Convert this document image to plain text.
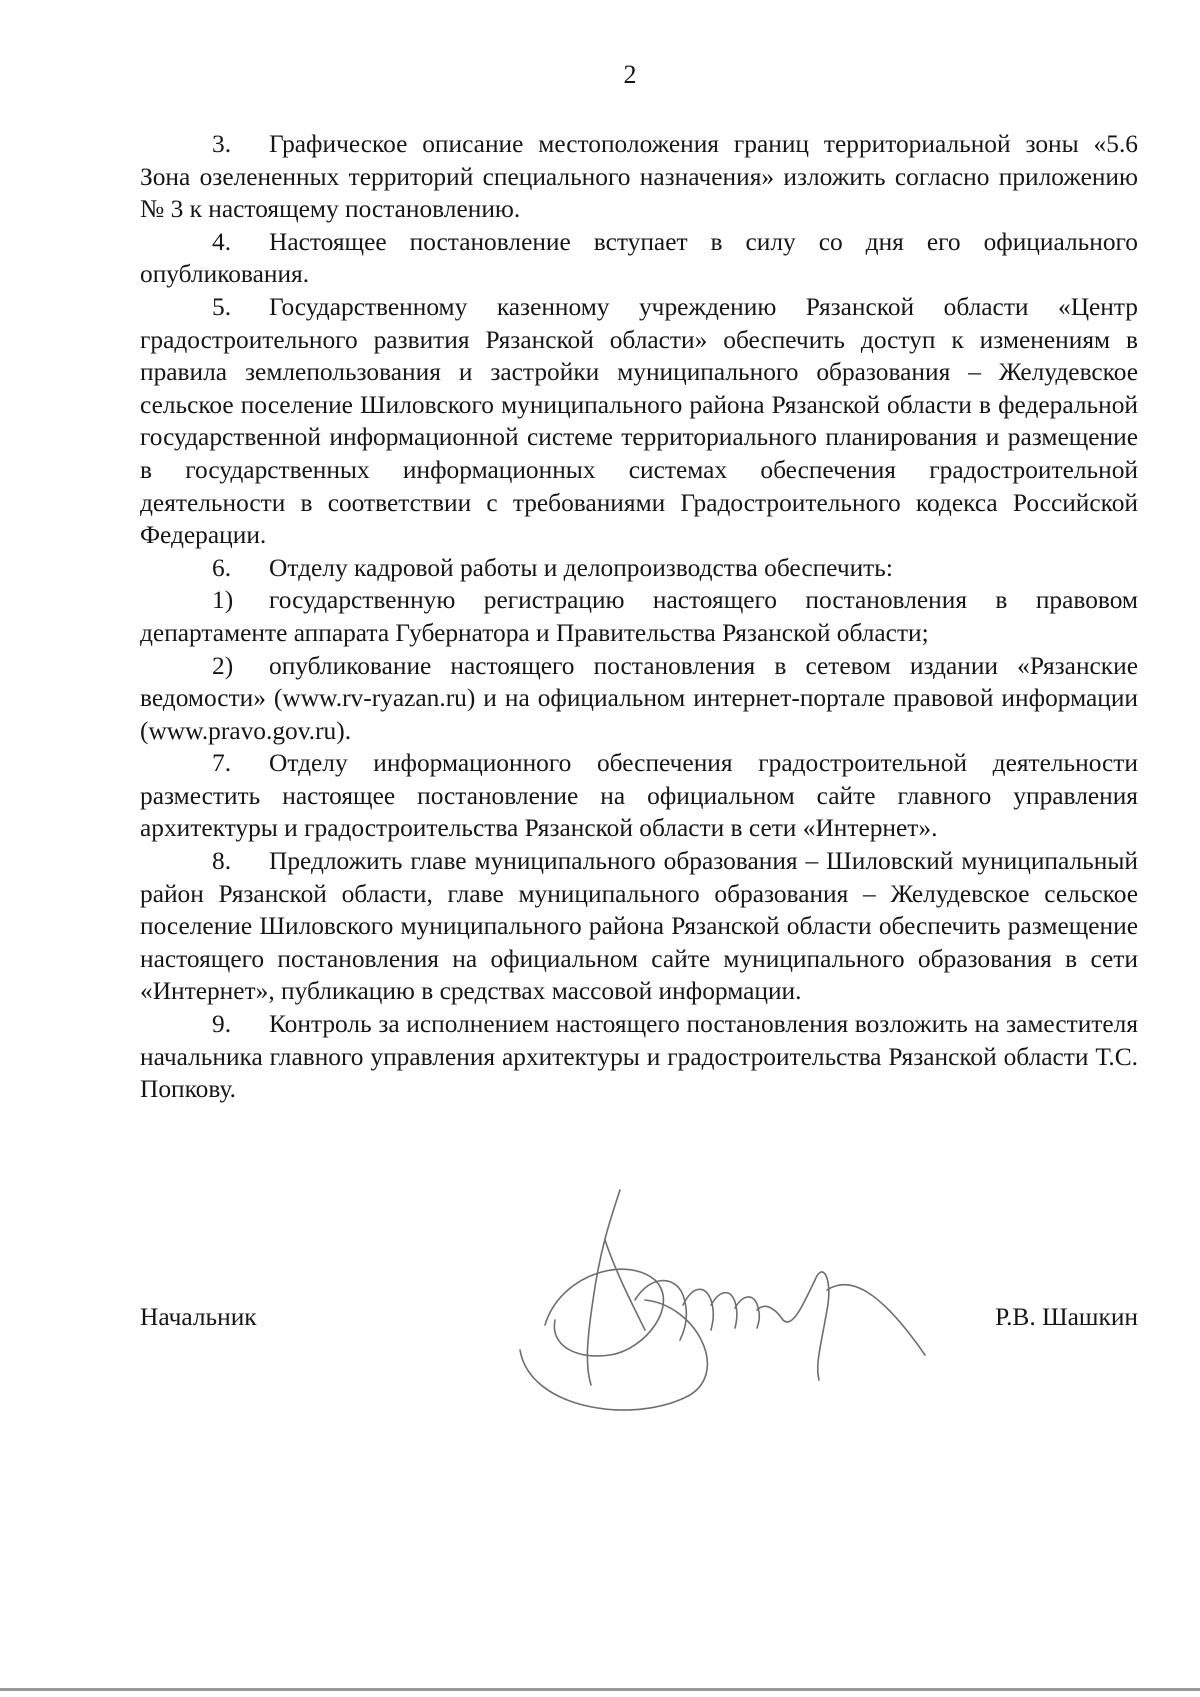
2

3. Графическое описание местоположения границ территориальной зоны «5.6 Зона озелененных территорий специального назначения» изложить согласно приложению № 3 к настоящему постановлению.

4. Настоящее постановление вступает в силу со дня его официального опубликования.

5. Государственному казенному учреждению Рязанской области «Центр градостроительного развития Рязанской области» обеспечить доступ к изменениям в правила землепользования и застройки муниципального образования – Желудевское сельское поселение Шиловского муниципального района Рязанской области в федеральной государственной информационной системе территориального планирования и размещение в государственных информационных системах обеспечения градостроительной деятельности в соответствии с требованиями Градостроительного кодекса Российской Федерации.

6. Отделу кадровой работы и делопроизводства обеспечить:

1) государственную регистрацию настоящего постановления в правовом департаменте аппарата Губернатора и Правительства Рязанской области;

2) опубликование настоящего постановления в сетевом издании «Рязанские ведомости» (www.rv-ryazan.ru) и на официальном интернет-портале правовой информации (www.pravo.gov.ru).

7. Отделу информационного обеспечения градостроительной деятельности разместить настоящее постановление на официальном сайте главного управления архитектуры и градостроительства Рязанской области в сети «Интернет».

8. Предложить главе муниципального образования – Шиловский муниципальный район Рязанской области, главе муниципального образования – Желудевское сельское поселение Шиловского муниципального района Рязанской области обеспечить размещение настоящего постановления на официальном сайте муниципального образования в сети «Интернет», публикацию в средствах массовой информации.

9. Контроль за исполнением настоящего постановления возложить на заместителя начальника главного управления архитектуры и градостроительства Рязанской области Т.С. Попкову.

Начальник	Р.В. Шашкин
